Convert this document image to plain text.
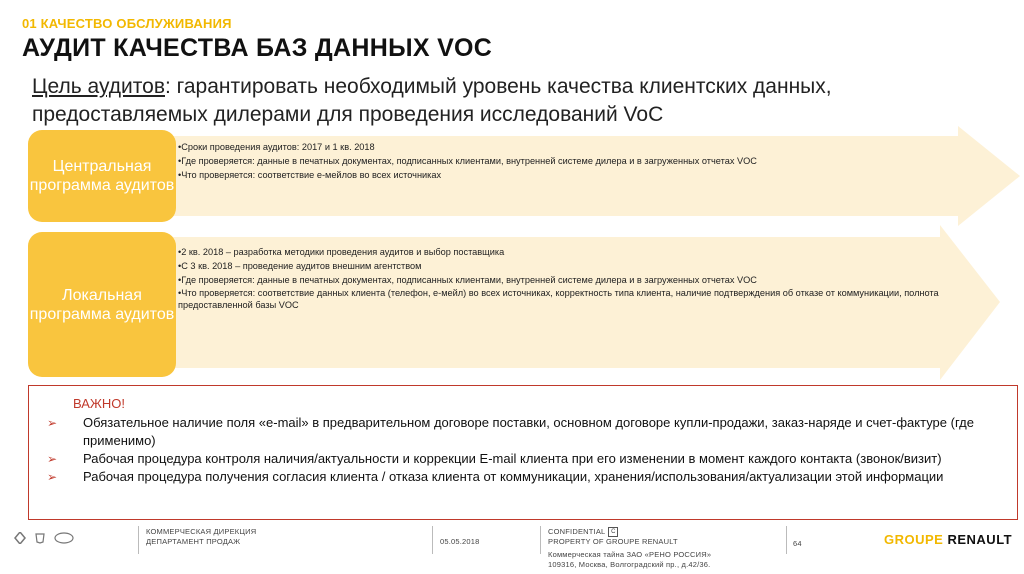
01 КАЧЕСТВО ОБСЛУЖИВАНИЯ
АУДИТ КАЧЕСТВА БАЗ ДАННЫХ VOC
Цель аудитов: гарантировать необходимый уровень качества клиентских данных, предоставляемых дилерами для проведения исследований VoC
Центральная программа аудитов
•Сроки проведения аудитов: 2017 и 1 кв. 2018
•Где проверяется: данные в печатных документах, подписанных клиентами, внутренней системе дилера и в загруженных отчетах VOC
•Что проверяется: соответствие е-мейлов во всех источниках
Локальная программа аудитов
•2 кв. 2018 – разработка методики проведения аудитов и выбор поставщика
•С 3 кв. 2018 – проведение аудитов внешним агентством
•Где проверяется: данные в печатных документах, подписанных клиентами, внутренней системе дилера и в загруженных отчетах VOC
•Что проверяется: соответствие данных клиента (телефон, е-мейл) во всех источниках, корректность типа клиента, наличие подтверждения об отказе от коммуникации, полнота предоставленной базы VOC
ВАЖНО!
➢ Обязательное наличие поля «e-mail» в предварительном договоре поставки, основном договоре купли-продажи, заказ-наряде и счет-фактуре (где применимо)
➢ Рабочая процедура контроля наличия/актуальности и коррекции E-mail клиента при его изменении в момент каждого контакта (звонок/визит)
➢ Рабочая процедура получения согласия клиента / отказа клиента от коммуникации, хранения/использования/актуализации этой информации
КОММЕРЧЕСКАЯ ДИРЕКЦИЯ
ДЕПАРТАМЕНТ ПРОДАЖ	05.05.2018
CONFIDENTIAL C
PROPERTY OF GROUPE RENAULT
Коммерческая тайна ЗАО «РЕНО РОССИЯ»
109316, Москва, Волгоградский пр., д.42/36.
64	GROUPE RENAULT
